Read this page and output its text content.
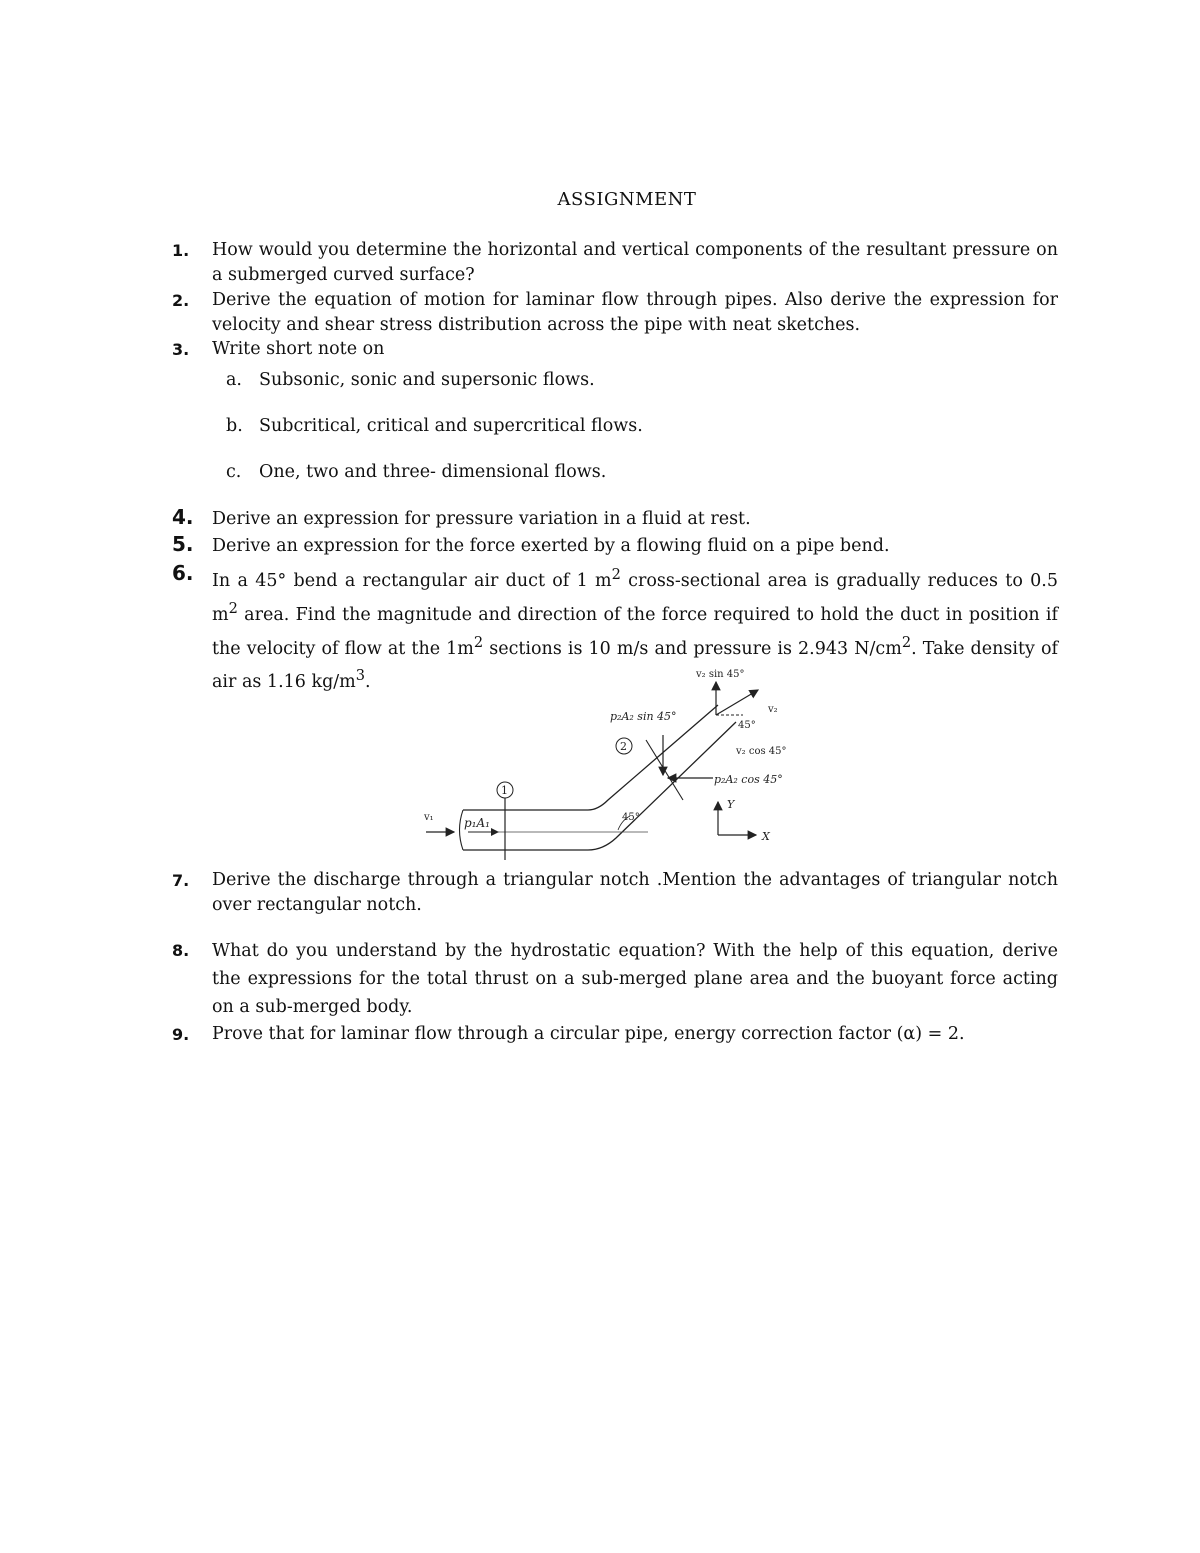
ASSIGNMENT
1.	How would you determine the horizontal and vertical components of the resultant pressure on a submerged curved surface?
2.	Derive the equation of motion for laminar flow through pipes. Also derive the expression for velocity and shear stress distribution across the pipe with neat sketches.
3.	Write short note on
a. Subsonic, sonic and supersonic flows.
b. Subcritical, critical and supercritical flows.
c. One, two and three- dimensional flows.
4.	Derive an expression for pressure variation in a fluid at rest.
5.	Derive an expression for the force exerted by a flowing fluid on a pipe bend.
6.	In a 45° bend a rectangular air duct of 1 $m^2$ cross-sectional area is gradually reduces to 0.5 $m^2$ area. Find the magnitude and direction of the force required to hold the duct in position if the velocity of flow at the $1m^2$ sections is 10 m/s and pressure is 2.943 $N/cm^2$. Take density of air as 1.16 $kg/m^3$.
v₁	p₁A₁
1
45°
2
p₂A₂ sin 45°
p₂A₂ cos 45°
v₂ sin 45°
v₂
45°
v₂ cos 45°
Y
X
7.	Derive the discharge through a triangular notch .Mention the advantages of triangular notch over rectangular notch.
8.	What do you understand by the hydrostatic equation? With the help of this equation, derive the expressions for the total thrust on a sub-merged plane area and the buoyant force acting on a sub-merged body.
9.	Prove that for laminar flow through a circular pipe, energy correction factor (α) = 2.
